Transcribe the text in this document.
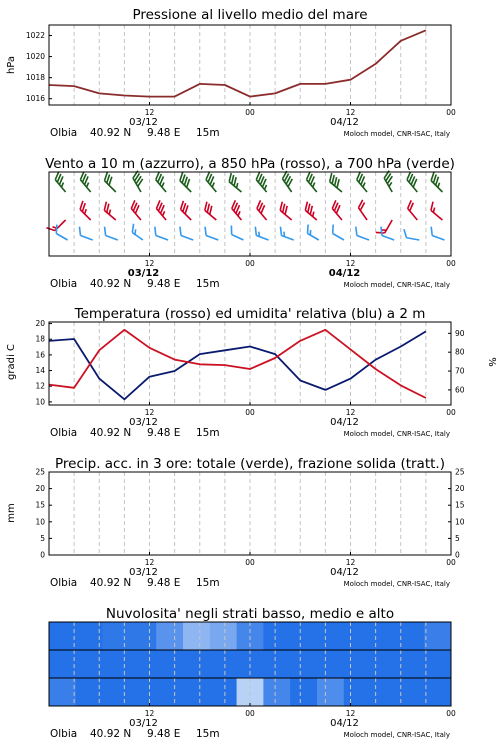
Pressione al livello medio del mare
hPa
1016
1018
1020
1022
12	00	12	00
03/12	04/12
Olbia 40.92 N 9.48 E 15m	Moloch model, CNR-ISAC, Italy
Vento a 10 m (azzurro), a 850 hPa (rosso), a 700 hPa (verde)
12	00	12	00
03/12	04/12
Olbia 40.92 N 9.48 E 15m	Moloch model, CNR-ISAC, Italy
Temperatura (rosso) ed umidita' relativa (blu) a 2 m
gradi C	%
10
12
14
16
18
20
60
70
80
90
12	00	12	00
03/12	04/12
Olbia 40.92 N 9.48 E 15m	Moloch model, CNR-ISAC, Italy
Precip. acc. in 3 ore: totale (verde), frazione solida (tratt.)
mm
0
5
10
15
20
25
0
5
10
15
20
25
12	00	12	00
03/12	04/12
Olbia 40.92 N 9.48 E 15m	Moloch model, CNR-ISAC, Italy
Nuvolosita' negli strati basso, medio e alto
12	00	12	00
03/12	04/12
Olbia 40.92 N 9.48 E 15m	Moloch model, CNR-ISAC, Italy
